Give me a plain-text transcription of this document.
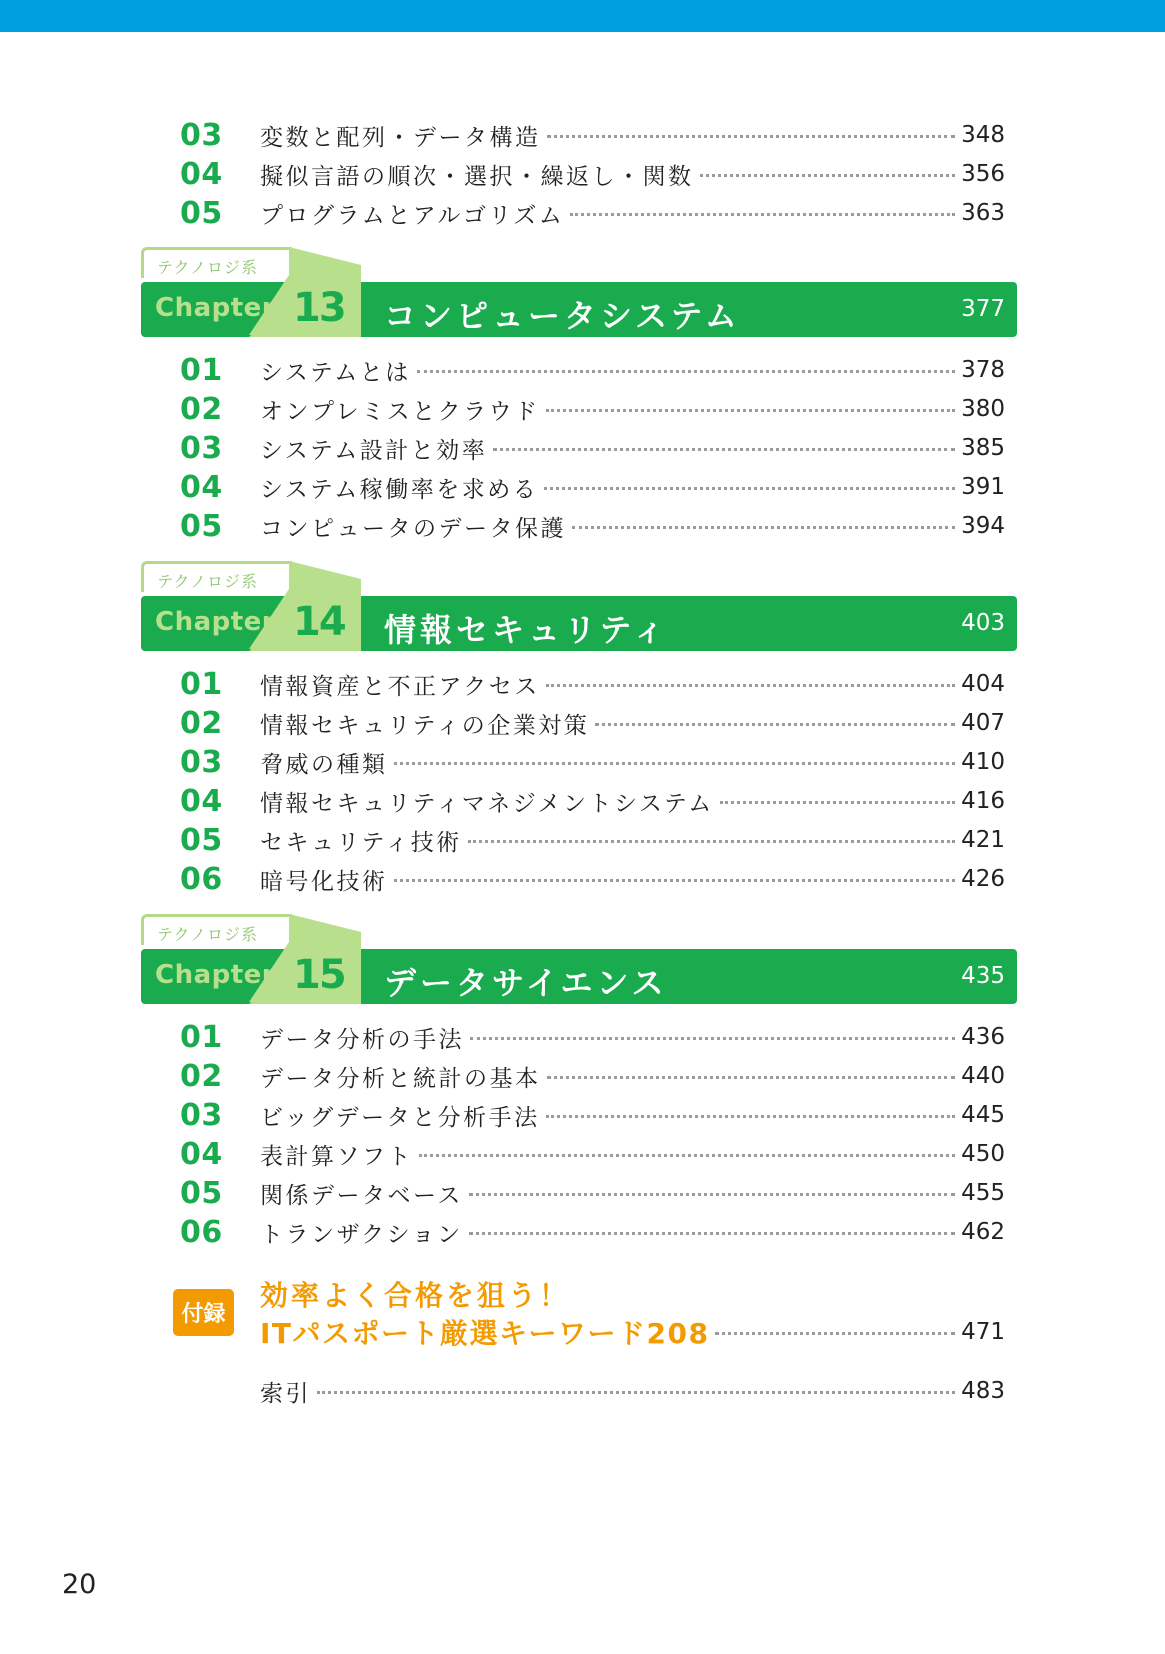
03	変数と配列・データ構造	348
04	擬似言語の順次・選択・繰返し・関数	356
05	プログラムとアルゴリズム	363
テクノロジ系
Chapter 13 コンピュータシステム	377
01	システムとは	378
02	オンプレミスとクラウド	380
03	システム設計と効率	385
04	システム稼働率を求める	391
05	コンピュータのデータ保護	394
テクノロジ系
Chapter 14 情報セキュリティ	403
01	情報資産と不正アクセス	404
02	情報セキュリティの企業対策	407
03	脅威の種類	410
04	情報セキュリティマネジメントシステム	416
05	セキュリティ技術	421
06	暗号化技術	426
テクノロジ系
Chapter 15 データサイエンス	435
01	データ分析の手法	436
02	データ分析と統計の基本	440
03	ビッグデータと分析手法	445
04	表計算ソフト	450
05	関係データベース	455
06	トランザクション	462
付録
効率よく合格を狙う！
ITパスポート厳選キーワード208	471
索引	483
20
